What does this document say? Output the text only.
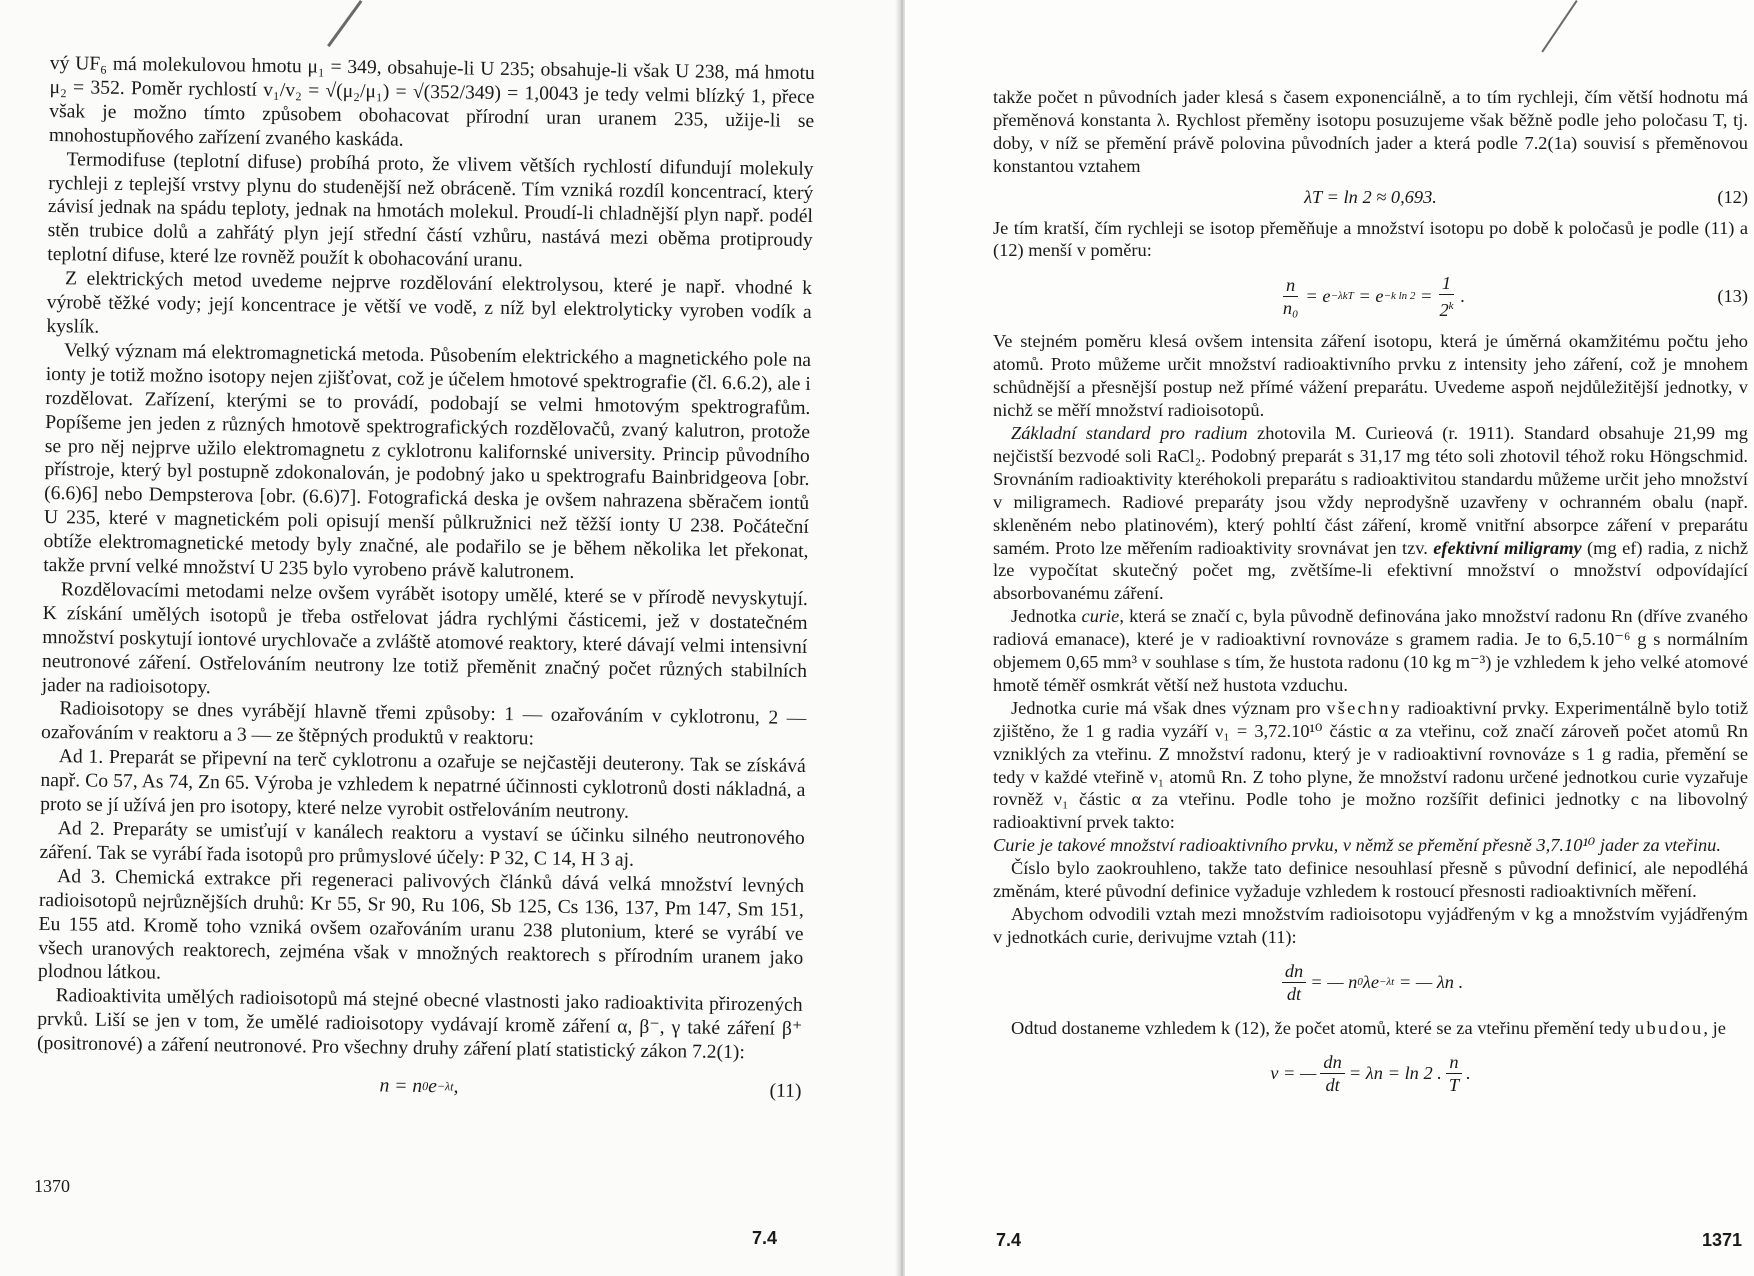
vý UF₆ má molekulovou hmotu μ₁ = 349, obsahuje-li U 235; obsahuje-li však U 238, má hmotu μ₂ = 352. Poměr rychlostí v₁/v₂ = √(μ₂/μ₁) = √(352/349) = 1,0043 je tedy velmi blízký 1, přece však je možno tímto způsobem obohacovat přírodní uran uranem 235, užije-li se mnohostupňového zařízení zvaného kaskáda.

Termodifuse (teplotní difuse) probíhá proto, že vlivem větších rychlostí difundují molekuly rychleji z teplejší vrstvy plynu do studenější než obráceně. Tím vzniká rozdíl koncentrací, který závisí jednak na spádu teploty, jednak na hmotách molekul. Proudí-li chladnější plyn např. podél stěn trubice dolů a zahřátý plyn její střední částí vzhůru, nastává mezi oběma protiproudy teplotní difuse, které lze rovněž použít k obohacování uranu.

Z elektrických metod uvedeme nejprve rozdělování elektrolysou, které je např. vhodné k výrobě těžké vody; její koncentrace je větší ve vodě, z níž byl elektrolyticky vyroben vodík a kyslík.

Velký význam má elektromagnetická metoda. Působením elektrického a magnetického pole na ionty je totiž možno isotopy nejen zjišťovat, což je účelem hmotové spektrografie (čl. 6.6.2), ale i rozdělovat. Zařízení, kterými se to provádí, podobají se velmi hmotovým spektrografům. Popíšeme jen jeden z různých hmotově spektrografických rozdělovačů, zvaný kalutron, protože se pro něj nejprve užilo elektromagnetu z cyklotronu kalifornské university. Princip původního přístroje, který byl postupně zdokonalován, je podobný jako u spektrografu Bainbridgeova [obr. (6.6)6] nebo Dempsterova [obr. (6.6)7]. Fotografická deska je ovšem nahrazena sběračem iontů U 235, které v magnetickém poli opisují menší půlkružnici než těžší ionty U 238. Počáteční obtíže elektromagnetické metody byly značné, ale podařilo se je během několika let překonat, takže první velké množství U 235 bylo vyrobeno právě kalutronem.

Rozdělovacími metodami nelze ovšem vyrábět isotopy umělé, které se v přírodě nevyskytují. K získání umělých isotopů je třeba ostřelovat jádra rychlými částicemi, jež v dostatečném množství poskytují iontové urychlovače a zvláště atomové reaktory, které dávají velmi intensivní neutronové záření. Ostřelováním neutrony lze totiž přeměnit značný počet různých stabilních jader na radioisotopy.

Radioisotopy se dnes vyrábějí hlavně třemi způsoby: 1 — ozařováním v cyklotronu, 2 — ozařováním v reaktoru a 3 — ze štěpných produktů v reaktoru:

Ad 1. Preparát se připevní na terč cyklotronu a ozařuje se nejčastěji deuterony. Tak se získává např. Co 57, As 74, Zn 65. Výroba je vzhledem k nepatrné účinnosti cyklotronů dosti nákladná, a proto se jí užívá jen pro isotopy, které nelze vyrobit ostřelováním neutrony.

Ad 2. Preparáty se umisťují v kanálech reaktoru a vystaví se účinku silného neutronového záření. Tak se vyrábí řada isotopů pro průmyslové účely: P 32, C 14, H 3 aj.

Ad 3. Chemická extrakce při regeneraci palivových článků dává velká množství levných radioisotopů nejrůznějších druhů: Kr 55, Sr 90, Ru 106, Sb 125, Cs 136, 137, Pm 147, Sm 151, Eu 155 atd. Kromě toho vzniká ovšem ozařováním uranu 238 plutonium, které se vyrábí ve všech uranových reaktorech, zejména však v množných reaktorech s přírodním uranem jako plodnou látkou.

Radioaktivita umělých radioisotopů má stejné obecné vlastnosti jako radioaktivita přirozených prvků. Liší se jen v tom, že umělé radioisotopy vydávají kromě záření α, β⁻, γ také záření β⁺ (positronové) a záření neutronové. Pro všechny druhy záření platí statistický zákon 7.2(1):

n = n 0 e −λt ,	(11)
1370
7.4

takže počet n původních jader klesá s časem exponenciálně, a to tím rychleji, čím větší hodnotu má přeměnová konstanta λ. Rychlost přeměny isotopu posuzujeme však běžně podle jeho poločasu T, tj. doby, v níž se přemění právě polovina původních jader a která podle 7.2(1a) souvisí s přeměnovou konstantou vztahem

λT = ln 2 ≈ 0,693.	(12)

Je tím kratší, čím rychleji se isotop přeměňuje a množství isotopu po době k poločasů je podle (11) a (12) menší v poměru:

$\frac{n}{\text{n₀}} = e -\lambda kT$
= e −k ln 2
= $\frac{1}{2^k}$ .	(13)

Ve stejném poměru klesá ovšem intensita záření isotopu, která je úměrná okamžitému počtu jeho atomů. Proto můžeme určit množství radioaktivního prvku z intensity jeho záření, což je mnohem schůdnější a přesnější postup než přímé vážení preparátu. Uvedeme aspoň nejdůležitější jednotky, v nichž se měří množství radioisotopů.

Základní standard pro radium zhotovila M. Curieová (r. 1911). Standard obsahuje 21,99 mg nejčistší bezvodé soli RaCl₂. Podobný preparát s 31,17 mg této soli zhotovil téhož roku Höngschmid. Srovnáním radioaktivity kteréhokoli preparátu s radioaktivitou standardu můžeme určit jeho množství v miligramech. Radiové preparáty jsou vždy neprodyšně uzavřeny v ochranném obalu (např. skleněném nebo platinovém), který pohltí část záření, kromě vnitřní absorpce záření v preparátu samém. Proto lze měřením radioaktivity srovnávat jen tzv. efektivní miligramy (mg ef) radia, z nichž lze vypočítat skutečný počet mg, zvětšíme-li efektivní množství o množství odpovídající absorbovanému záření.

Jednotka curie, která se značí c, byla původně definována jako množství radonu Rn (dříve zvaného radiová emanace), které je v radioaktivní rovnováze s gramem radia. Je to 6,5.10⁻⁶ g s normálním objemem 0,65 mm³ v souhlase s tím, že hustota radonu (10 kg m⁻³) je vzhledem k jeho velké atomové hmotě téměř osmkrát větší než hustota vzduchu.

Jednotka curie má však dnes význam pro všechny radioaktivní prvky. Experimentálně bylo totiž zjištěno, že 1 g radia vyzáří ν₁ = 3,72.10¹⁰ částic α za vteřinu, což značí zároveň počet atomů Rn vzniklých za vteřinu. Z množství radonu, který je v radioaktivní rovnováze s 1 g radia, přemění se tedy v každé vteřině ν₁ atomů Rn. Z toho plyne, že množství radonu určené jednotkou curie vyzařuje rovněž ν₁ částic α za vteřinu. Podle toho je možno rozšířit definici jednotky c na libovolný radioaktivní prvek takto:

Curie je takové množství radioaktivního prvku, v němž se přemění přesně 3,7.10¹⁰ jader za vteřinu.

Číslo bylo zaokrouhleno, takže tato definice nesouhlasí přesně s původní definicí, ale nepodléhá změnám, které původní definice vyžaduje vzhledem k rostoucí přesnosti radioaktivních měření.

Abychom odvodili vztah mezi množstvím radioisotopu vyjádřeným v kg a množstvím vyjádřeným v jednotkách curie, derivujme vztah (11):

$\frac{dn}{dt}$ = — n 0 λe −λt
= — λn .

Odtud dostaneme vzhledem k (12), že počet atomů, které se za vteřinu přemění tedy ubudou, je

ν = — $\frac{dn}{dt} = \lambda n = \ln 2$ . $\frac{n}{T}$ .
7.4	1371
